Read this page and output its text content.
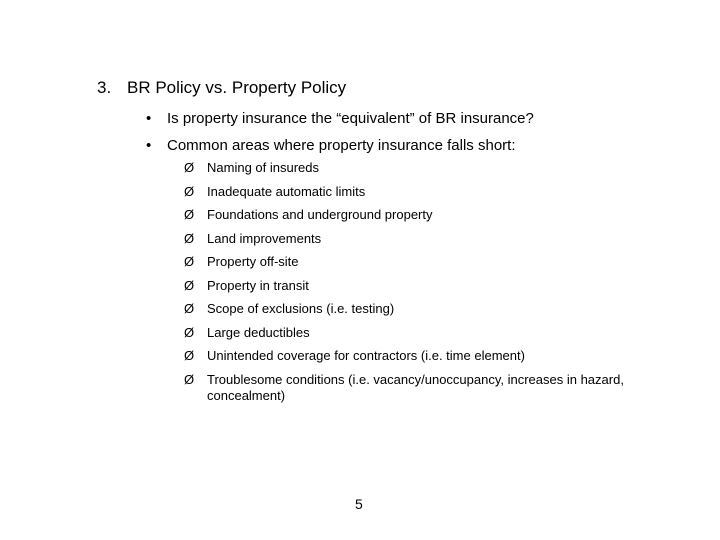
3. BR Policy vs. Property Policy
• Is property insurance the “equivalent” of BR insurance?
• Common areas where property insurance falls short:
Ø Naming of insureds
Ø Inadequate automatic limits
Ø Foundations and underground property
Ø Land improvements
Ø Property off-site
Ø Property in transit
Ø Scope of exclusions (i.e. testing)
Ø Large deductibles
Ø Unintended coverage for contractors (i.e. time element)
Ø Troublesome conditions (i.e. vacancy/unoccupancy, increases in hazard, concealment)
5
